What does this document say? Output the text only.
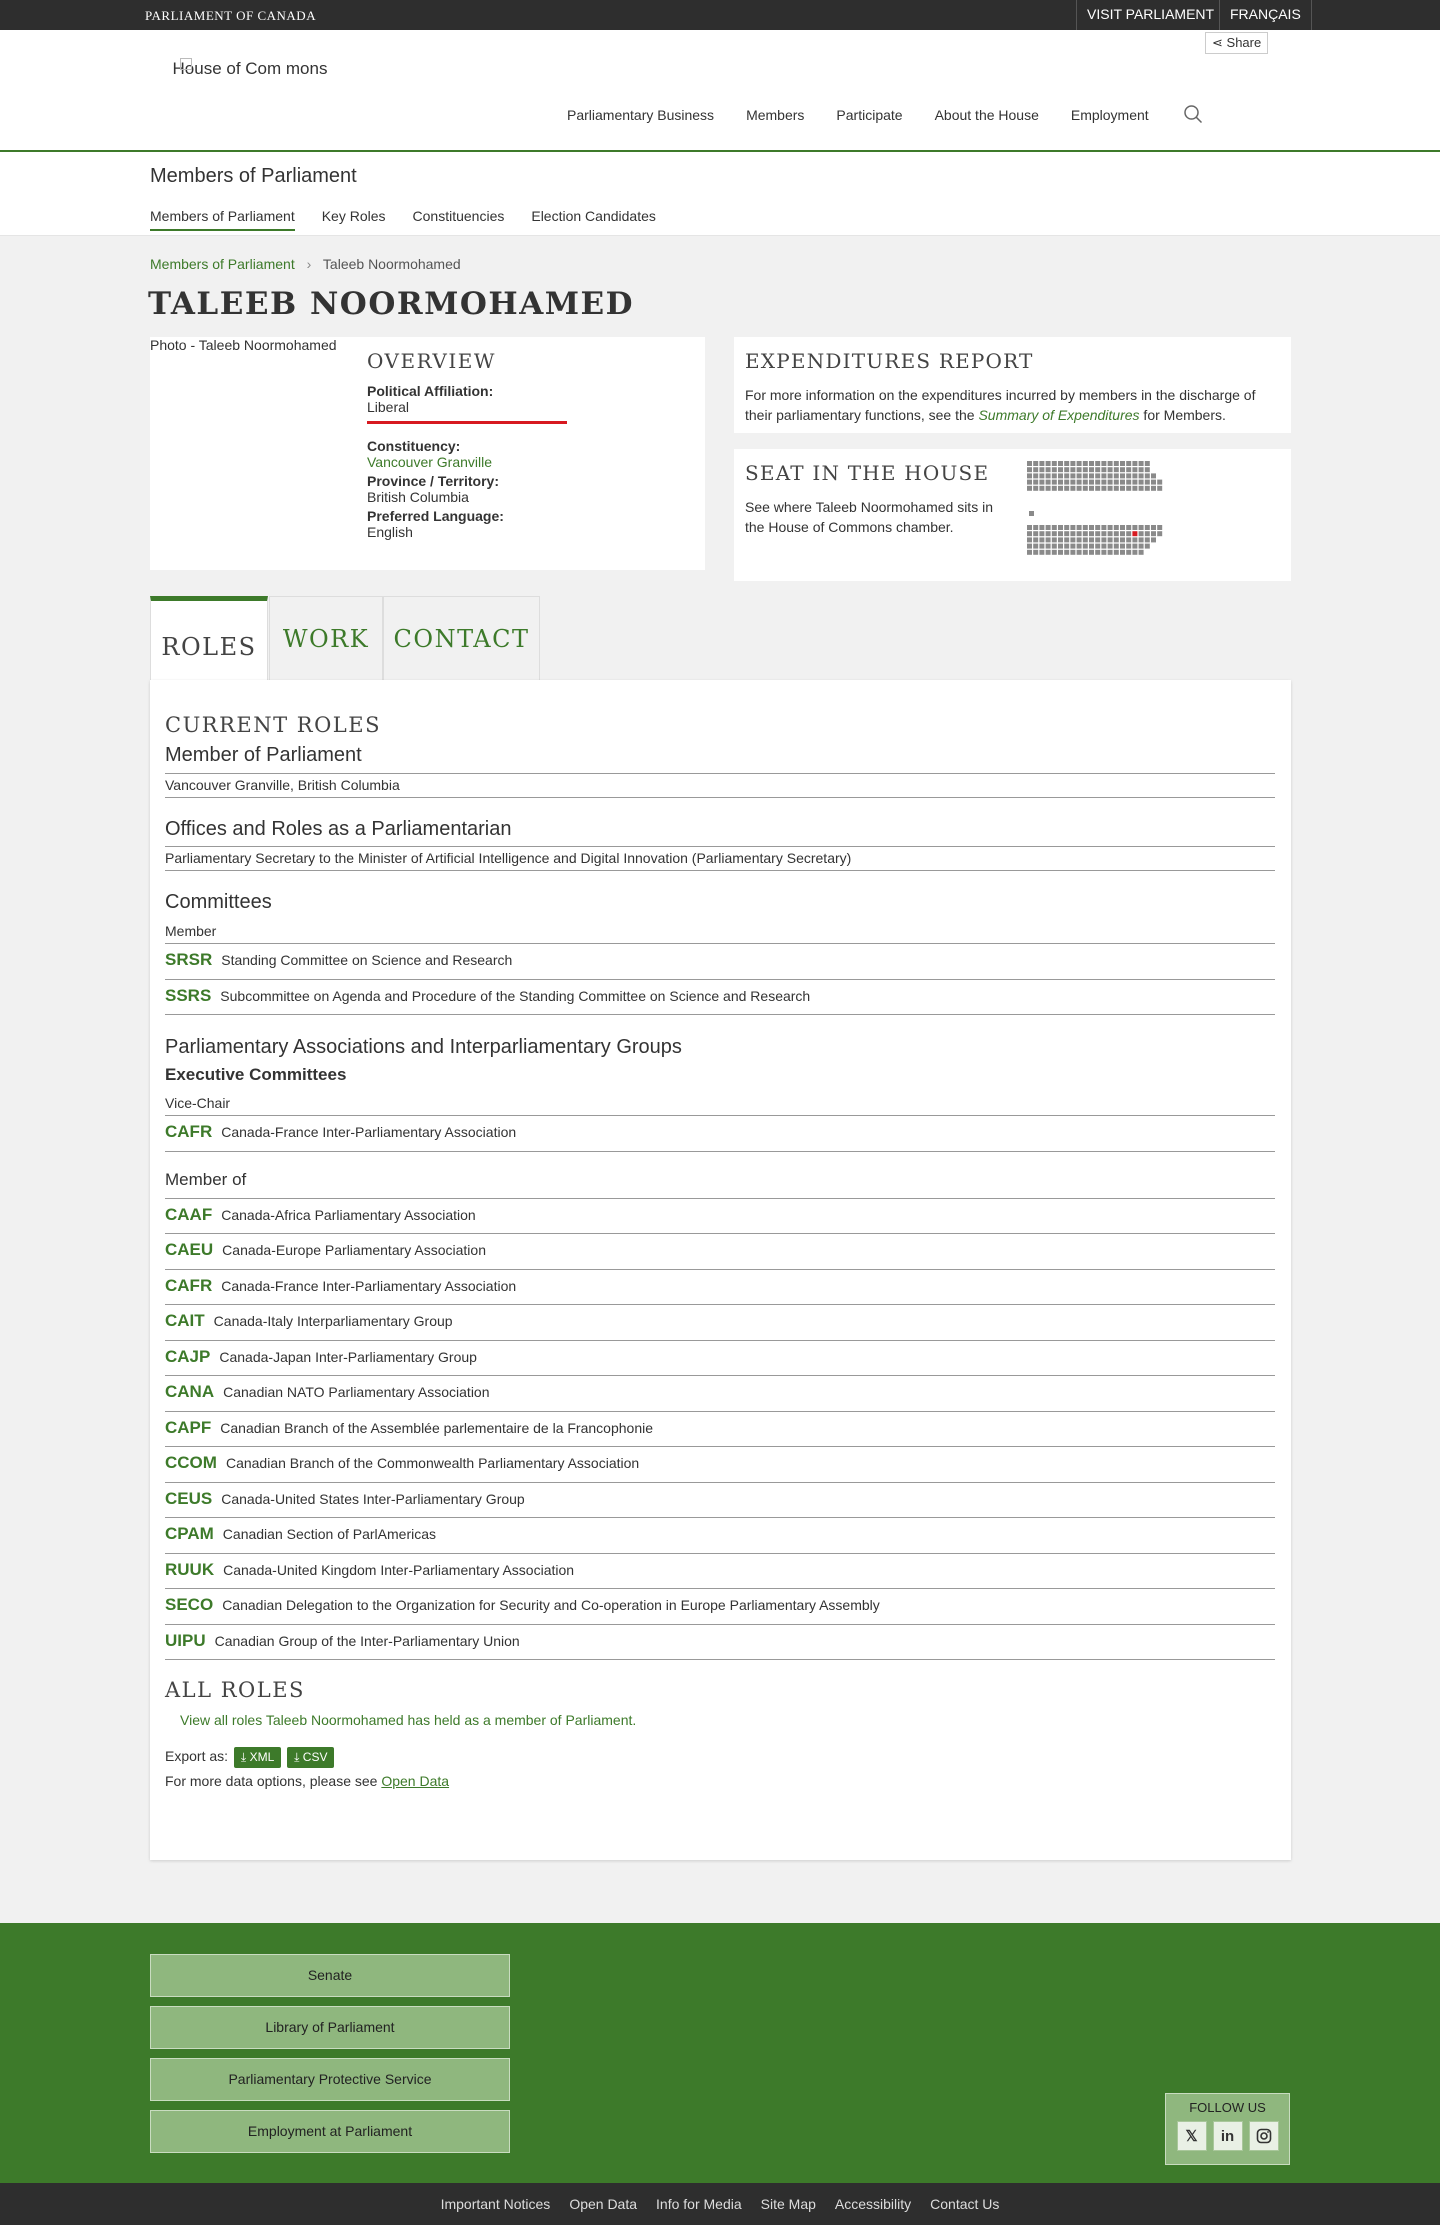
PARLIAMENT OF CANADA	VISIT PARLIAMENT	FRANÇAIS
⋖ Share
House of Com mons
Parliamentary Business Members Participate About the House Employment
Members of Parliament
Members of Parliament Key Roles Constituencies Election Candidates
Members of Parliament › Taleeb Noormohamed
TALEEB NOORMOHAMED
Photo - Taleeb Noormohamed
OVERVIEW
Political Affiliation:
Liberal
Constituency:
Vancouver Granville
Province / Territory:
British Columbia
Preferred Language:
English
EXPENDITURES REPORT
For more information on the expenditures incurred by members in the discharge of their parliamentary functions, see the Summary of Expenditures for Members.
SEAT IN THE HOUSE
See where Taleeb Noormohamed sits in the House of Commons chamber.
ROLES	WORK	CONTACT
CURRENT ROLES
Member of Parliament
Vancouver Granville, British Columbia
Offices and Roles as a Parliamentarian
Parliamentary Secretary to the Minister of Artificial Intelligence and Digital Innovation (Parliamentary Secretary)
Committees
Member
SRSR Standing Committee on Science and Research
SSRS Subcommittee on Agenda and Procedure of the Standing Committee on Science and Research
Parliamentary Associations and Interparliamentary Groups
Executive Committees
Vice-Chair
CAFR Canada-France Inter-Parliamentary Association
Member of
CAAF Canada-Africa Parliamentary Association
CAEU Canada-Europe Parliamentary Association
CAFR Canada-France Inter-Parliamentary Association
CAIT Canada-Italy Interparliamentary Group
CAJP Canada-Japan Inter-Parliamentary Group
CANA Canadian NATO Parliamentary Association
CAPF Canadian Branch of the Assemblée parlementaire de la Francophonie
CCOM Canadian Branch of the Commonwealth Parliamentary Association
CEUS Canada-United States Inter-Parliamentary Group
CPAM Canadian Section of ParlAmericas
RUUK Canada-United Kingdom Inter-Parliamentary Association
SECO Canadian Delegation to the Organization for Security and Co-operation in Europe Parliamentary Assembly
UIPU Canadian Group of the Inter-Parliamentary Union
ALL ROLES
View all roles Taleeb Noormohamed has held as a member of Parliament.
Export as: ⤓ XML ⤓ CSV
For more data options, please see Open Data
Senate
Library of Parliament
Parliamentary Protective Service
Employment at Parliament
FOLLOW US
𝕏	in
Important Notices Open Data Info for Media Site Map Accessibility Contact Us
